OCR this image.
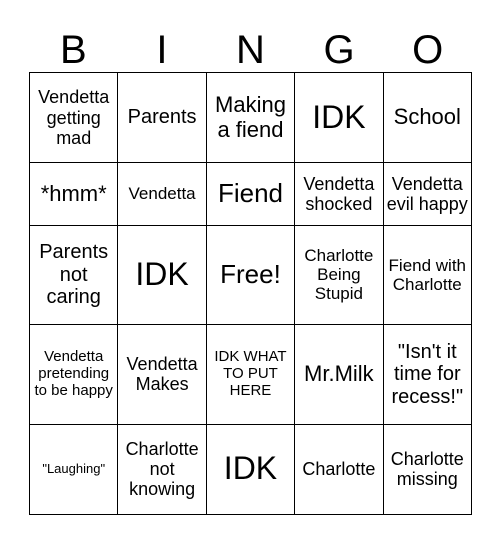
B	I	N	G	O
Vendetta getting mad	Parents	Making a fiend	IDK	School
*hmm*	Vendetta	Fiend	Vendetta shocked	Vendetta evil happy
Parents not caring	IDK	Free!	Charlotte Being Stupid	Fiend with Charlotte
Vendetta pretending to be happy	Vendetta Makes	IDK WHAT TO PUT HERE	Mr.Milk	"Isn't it time for recess!"
"Laughing"	Charlotte not knowing	IDK	Charlotte	Charlotte missing
